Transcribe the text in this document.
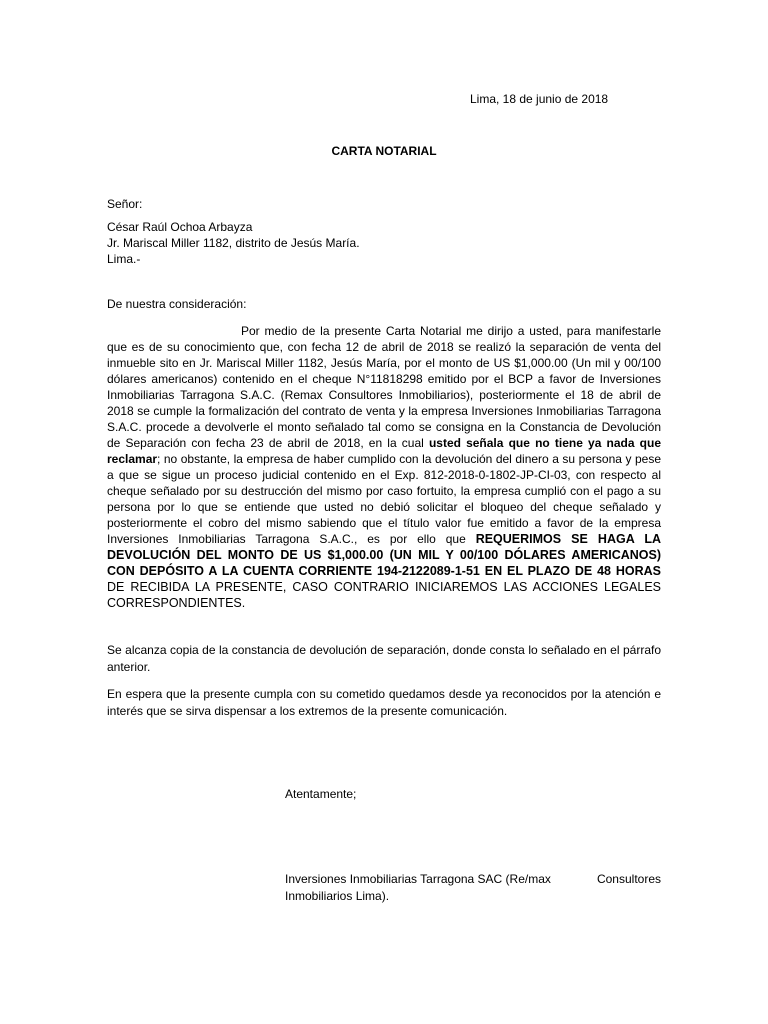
Lima, 18 de junio de 2018
CARTA NOTARIAL
Señor:
César Raúl Ochoa Arbayza
Jr. Mariscal Miller 1182, distrito de Jesús María.
Lima.-
De nuestra consideración:
Por medio de la presente Carta Notarial me dirijo a usted, para manifestarle que es de su conocimiento que, con fecha 12 de abril de 2018 se realizó la separación de venta del inmueble sito en Jr. Mariscal Miller 1182, Jesús María, por el monto de US $1,000.00 (Un mil y 00/100 dólares americanos) contenido en el cheque N°11818298 emitido por el BCP a favor de Inversiones Inmobiliarias Tarragona S.A.C. (Remax Consultores Inmobiliarios), posteriormente el 18 de abril de 2018 se cumple la formalización del contrato de venta y la empresa Inversiones Inmobiliarias Tarragona S.A.C. procede a devolverle el monto señalado tal como se consigna en la Constancia de Devolución de Separación con fecha 23 de abril de 2018, en la cual usted señala que no tiene ya nada que reclamar; no obstante, la empresa de haber cumplido con la devolución del dinero a su persona y pese a que se sigue un proceso judicial contenido en el Exp. 812-2018-0-1802-JP-CI-03, con respecto al cheque señalado por su destrucción del mismo por caso fortuito, la empresa cumplió con el pago a su persona por lo que se entiende que usted no debió solicitar el bloqueo del cheque señalado y posteriormente el cobro del mismo sabiendo que el título valor fue emitido a favor de la empresa Inversiones Inmobiliarias Tarragona S.A.C., es por ello que REQUERIMOS SE HAGA LA DEVOLUCIÓN DEL MONTO DE US $1,000.00 (UN MIL Y 00/100 DÓLARES AMERICANOS) CON DEPÓSITO A LA CUENTA CORRIENTE 194-2122089-1-51 EN EL PLAZO DE 48 HORAS DE RECIBIDA LA PRESENTE, CASO CONTRARIO INICIAREMOS LAS ACCIONES LEGALES CORRESPONDIENTES.
Se alcanza copia de la constancia de devolución de separación, donde consta lo señalado en el párrafo anterior.
En espera que la presente cumpla con su cometido quedamos desde ya reconocidos por la atención e interés que se sirva dispensar a los extremos de la presente comunicación.
Atentamente;
Inversiones Inmobiliarias Tarragona SAC (Re/max	Consultores
Inmobiliarios Lima).
